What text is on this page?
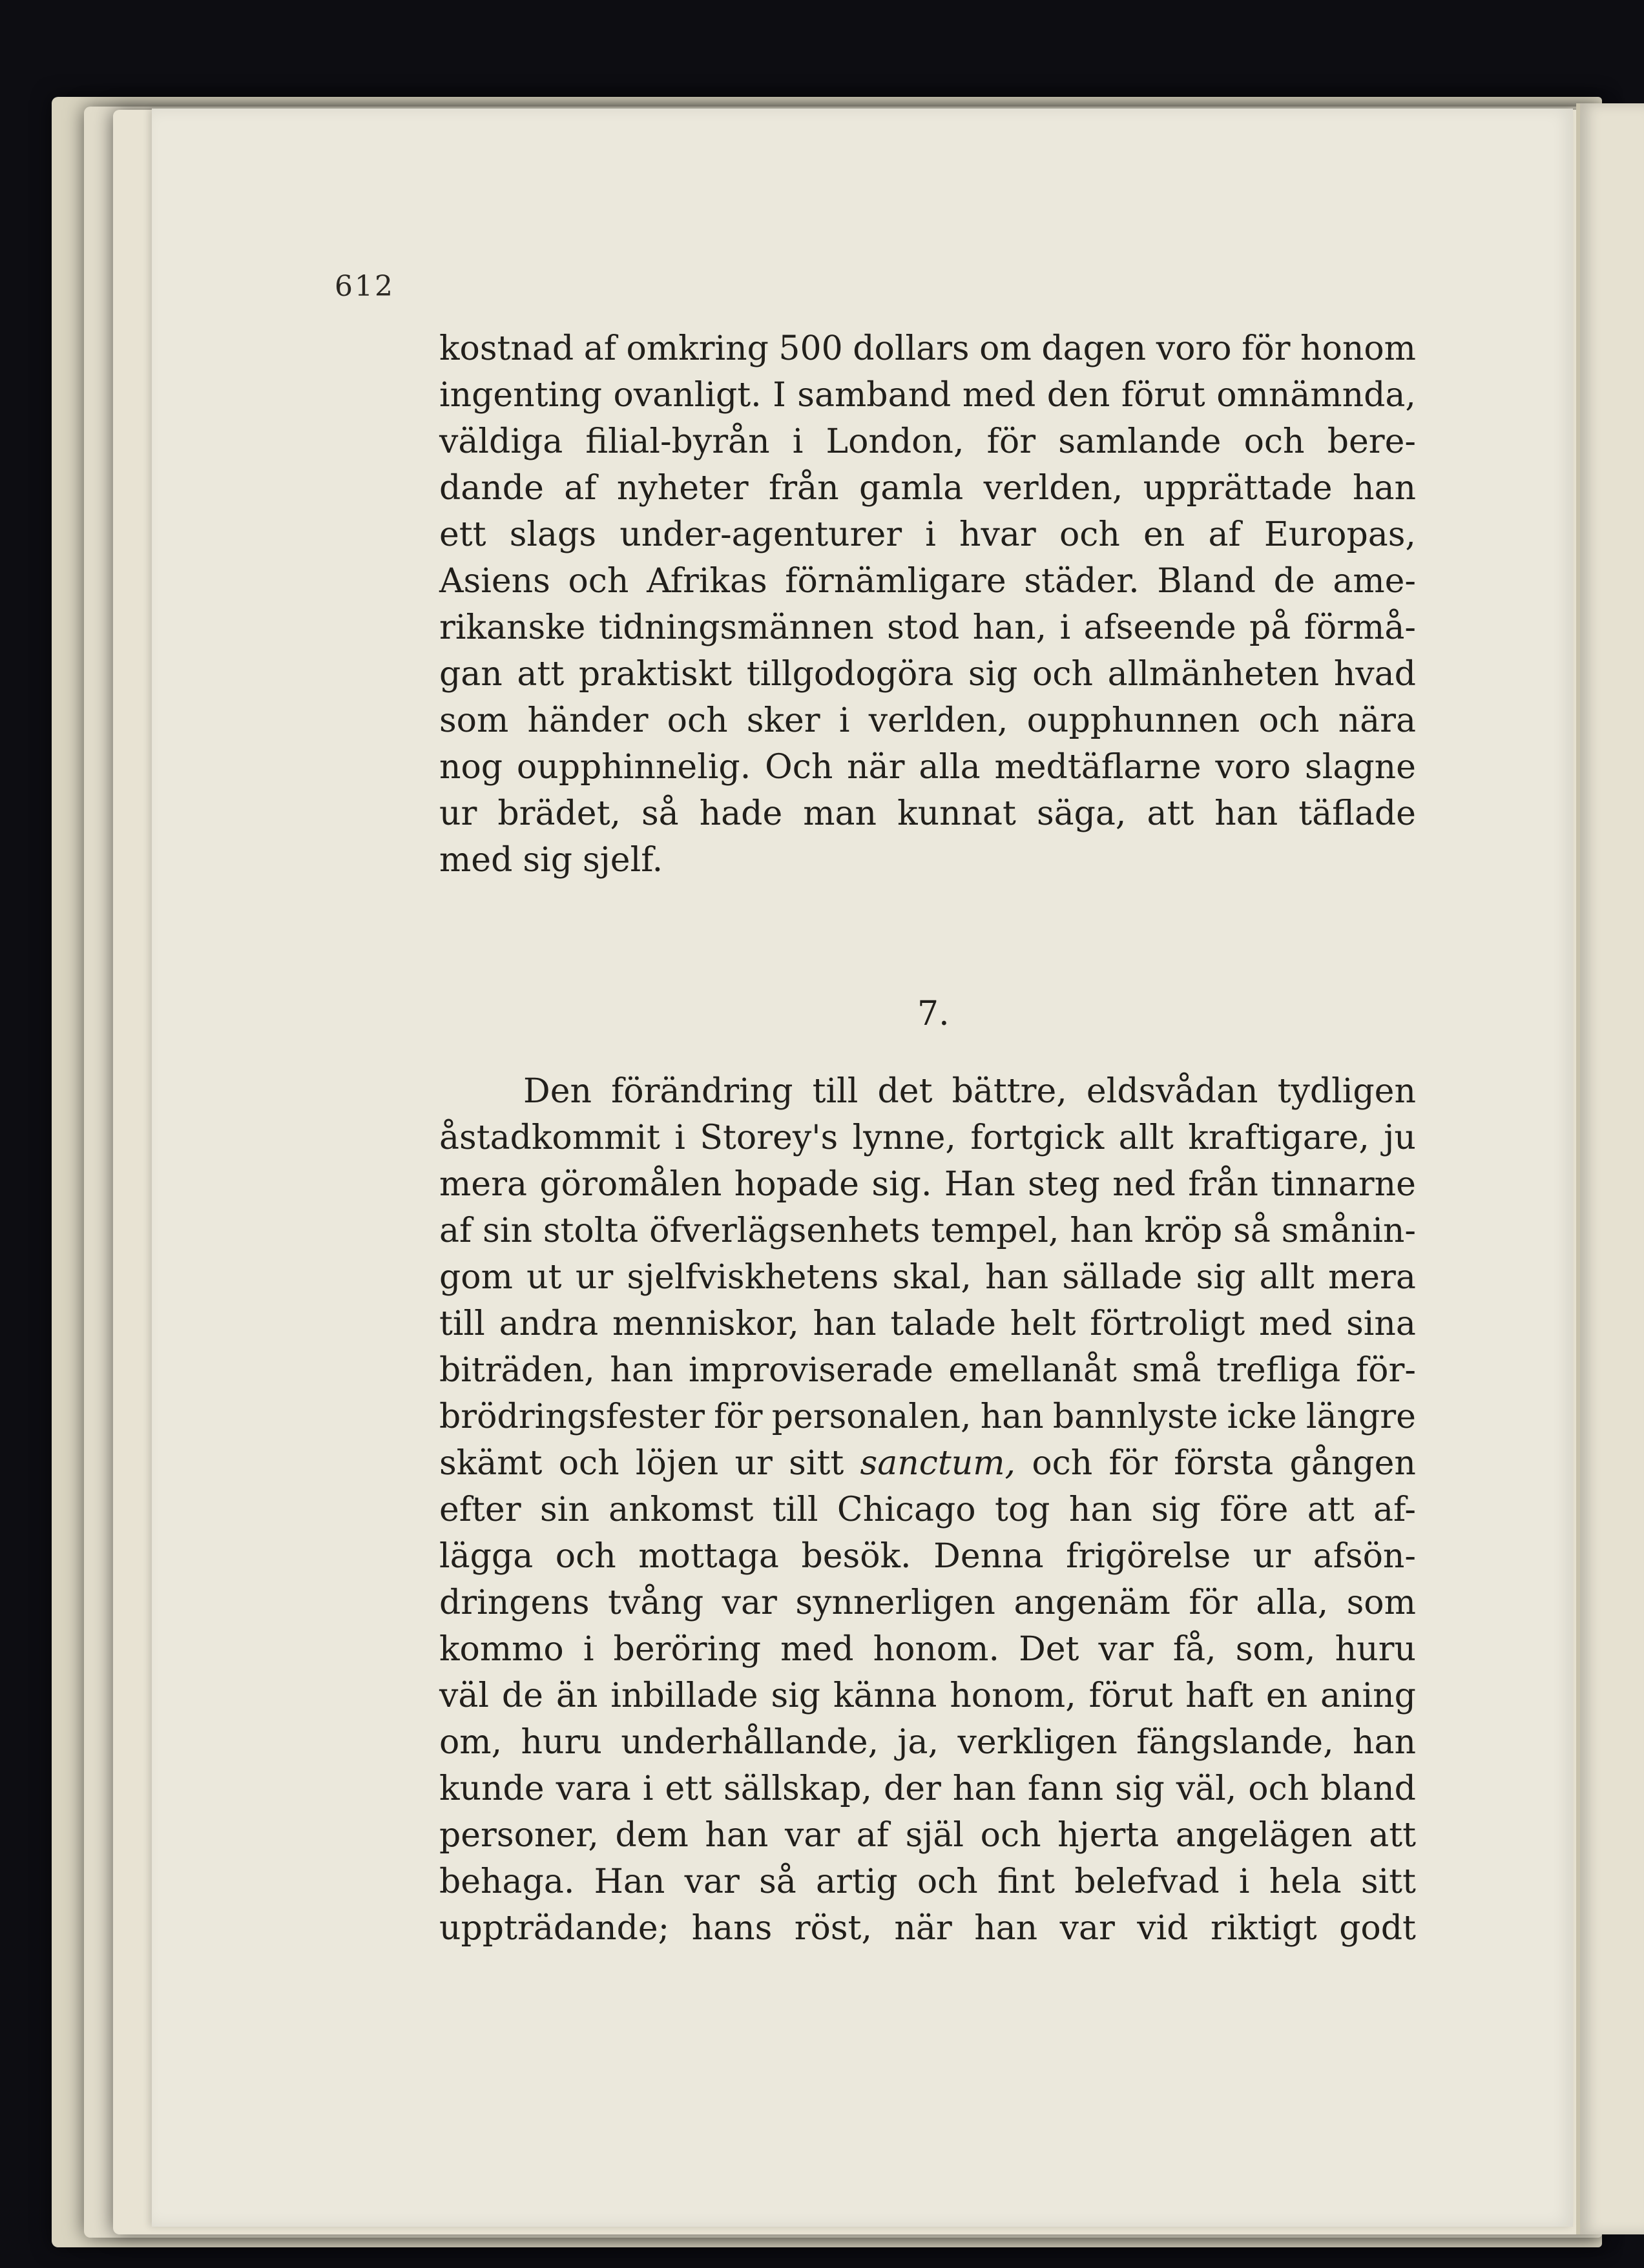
612
kostnad af omkring 500 dollars om dagen voro för honom
ingenting ovanligt. I samband med den förut omnämnda,
väldiga filial-byrån i London, för samlande och bere-
dande af nyheter från gamla verlden, upprättade han
ett slags under-agenturer i hvar och en af Europas,
Asiens och Afrikas förnämligare städer. Bland de ame-
rikanske tidningsmännen stod han, i afseende på förmå-
gan att praktiskt tillgodogöra sig och allmänheten hvad
som händer och sker i verlden, oupphunnen och nära
nog oupphinnelig. Och när alla medtäflarne voro slagne
ur brädet, så hade man kunnat säga, att han täflade
med sig sjelf.
7.
Den förändring till det bättre, eldsvådan tydligen
åstadkommit i Storey's lynne, fortgick allt kraftigare, ju
mera göromålen hopade sig. Han steg ned från tinnarne
af sin stolta öfverlägsenhets tempel, han kröp så smånin-
gom ut ur sjelfviskhetens skal, han sällade sig allt mera
till andra menniskor, han talade helt förtroligt med sina
biträden, han improviserade emellanåt små trefliga för-
brödringsfester för personalen, han bannlyste icke längre
skämt och löjen ur sitt sanctum, och för första gången
efter sin ankomst till Chicago tog han sig före att af-
lägga och mottaga besök. Denna frigörelse ur afsön-
dringens tvång var synnerligen angenäm för alla, som
kommo i beröring med honom. Det var få, som, huru
väl de än inbillade sig känna honom, förut haft en aning
om, huru underhållande, ja, verkligen fängslande, han
kunde vara i ett sällskap, der han fann sig väl, och bland
personer, dem han var af själ och hjerta angelägen att
behaga. Han var så artig och fint belefvad i hela sitt
uppträdande; hans röst, när han var vid riktigt godt
